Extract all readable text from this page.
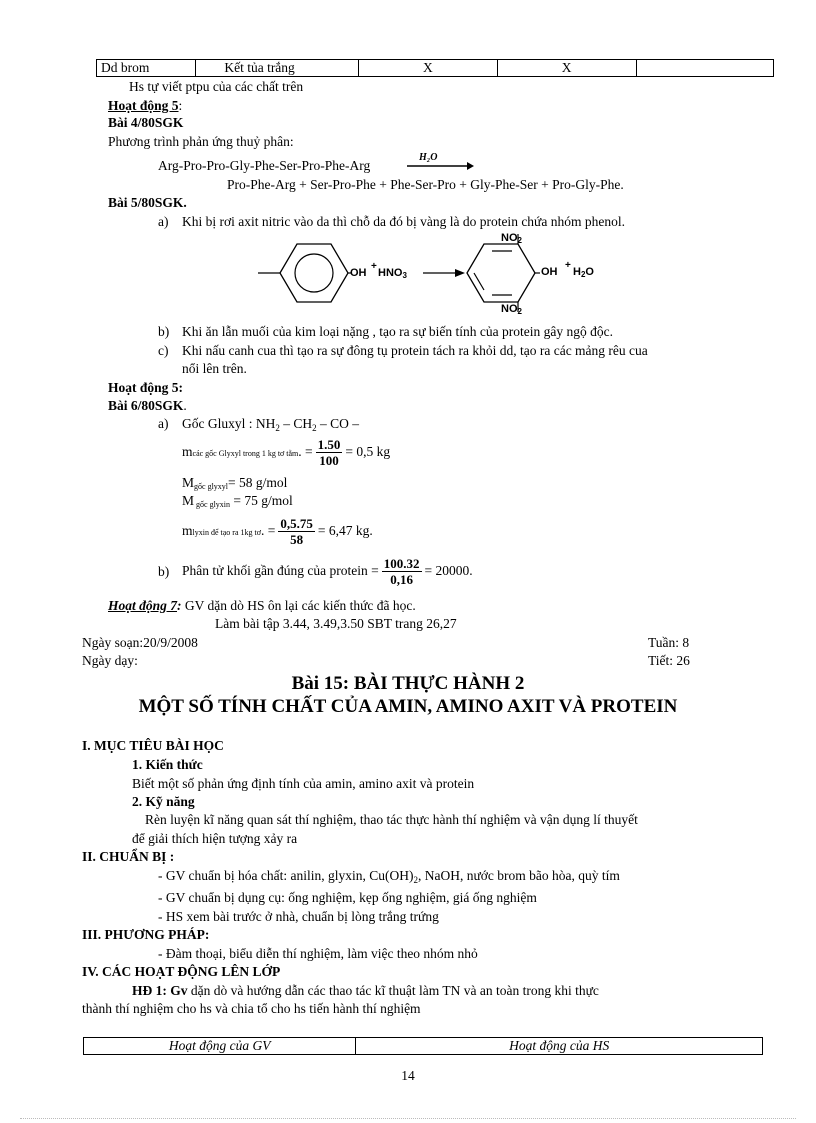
Dd brom	Kết tủa trắng	X	X	
Hs tự viết ptpu của các chất trên
Hoạt động 5:
Bài 4/80SGK
Phương trình phản ứng thuỷ phân:
Arg-Pro-Pro-Gly-Phe-Ser-Pro-Phe-Arg
H₂O
Pro-Phe-Arg + Ser-Pro-Phe + Phe-Ser-Pro + Gly-Phe-Ser + Pro-Gly-Phe.
Bài 5/80SGK.
a) Khi bị rơi axit nitric vào da thì chỗ da đó bị vàng là do protein chứa nhóm phenol.
OH
+
$HNO_3$
$NO_2$
OH
+
$H_2O$
$NO_2$
b) Khi ăn lẫn muối của kim loại nặng , tạo ra sự biến tính của protein gây ngộ độc.
c) Khi nấu canh cua thì tạo ra sự đông tụ protein tách ra khỏi dd, tạo ra các mảng rêu cua
nổi lên trên.
Hoạt động 5:
Bài 6/80SGK.
a) Gốc Gluxyl : $NH_2 - CH_2$ – CO –
mcác gốc Glyxyl trong 1 kg tơ tằm. = $\frac{1.50}{100} = 0,5$ kg
Mgốc glyxyl= 58 g/mol
M gốc glyxin = 75 g/mol
mlyxin để tạo ra 1kg tơ. = $\frac{0,5.75}{58} = 6,47$ kg.
b) Phân tử khối gần đúng của protein = $\frac{100.32}{0,16} = 20000$.
Hoạt động 7: GV dặn dò HS ôn lại các kiến thức đã học.
Làm bài tập 3.44, 3.49,3.50 SBT trang 26,27
Ngày soạn:20/9/2008	Tuần: 8
Ngày dạy:	Tiết: 26
Bài 15: BÀI THỰC HÀNH 2
MỘT SỐ TÍNH CHẤT CỦA AMIN, AMINO AXIT VÀ PROTEIN
I. MỤC TIÊU BÀI HỌC
1. Kiến thức
Biết một số phản ứng định tính của amin, amino axit và protein
2. Kỹ năng
Rèn luyện kĩ năng quan sát thí nghiệm, thao tác thực hành thí nghiệm và vận dụng lí thuyết
để giải thích hiện tượng xảy ra
II. CHUẨN BỊ :
- GV chuẩn bị hóa chất: anilin, glyxin, $Cu(OH)_2$, NaOH, nước brom bão hòa, quỳ tím
- GV chuẩn bị dụng cụ: ống nghiệm, kẹp ống nghiệm, giá ống nghiệm
- HS xem bài trước ở nhà, chuẩn bị lòng trắng trứng
III. PHƯƠNG PHÁP:
- Đàm thoại, biểu diễn thí nghiệm, làm việc theo nhóm nhỏ
IV. CÁC HOẠT ĐỘNG LÊN LỚP
HĐ 1: Gv dặn dò và hướng dẫn các thao tác kĩ thuật làm TN và an toàn trong khi thực
thành thí nghiệm cho hs và chia tổ cho hs tiến hành thí nghiệm
Hoạt động của GV	Hoạt động của HS
14
